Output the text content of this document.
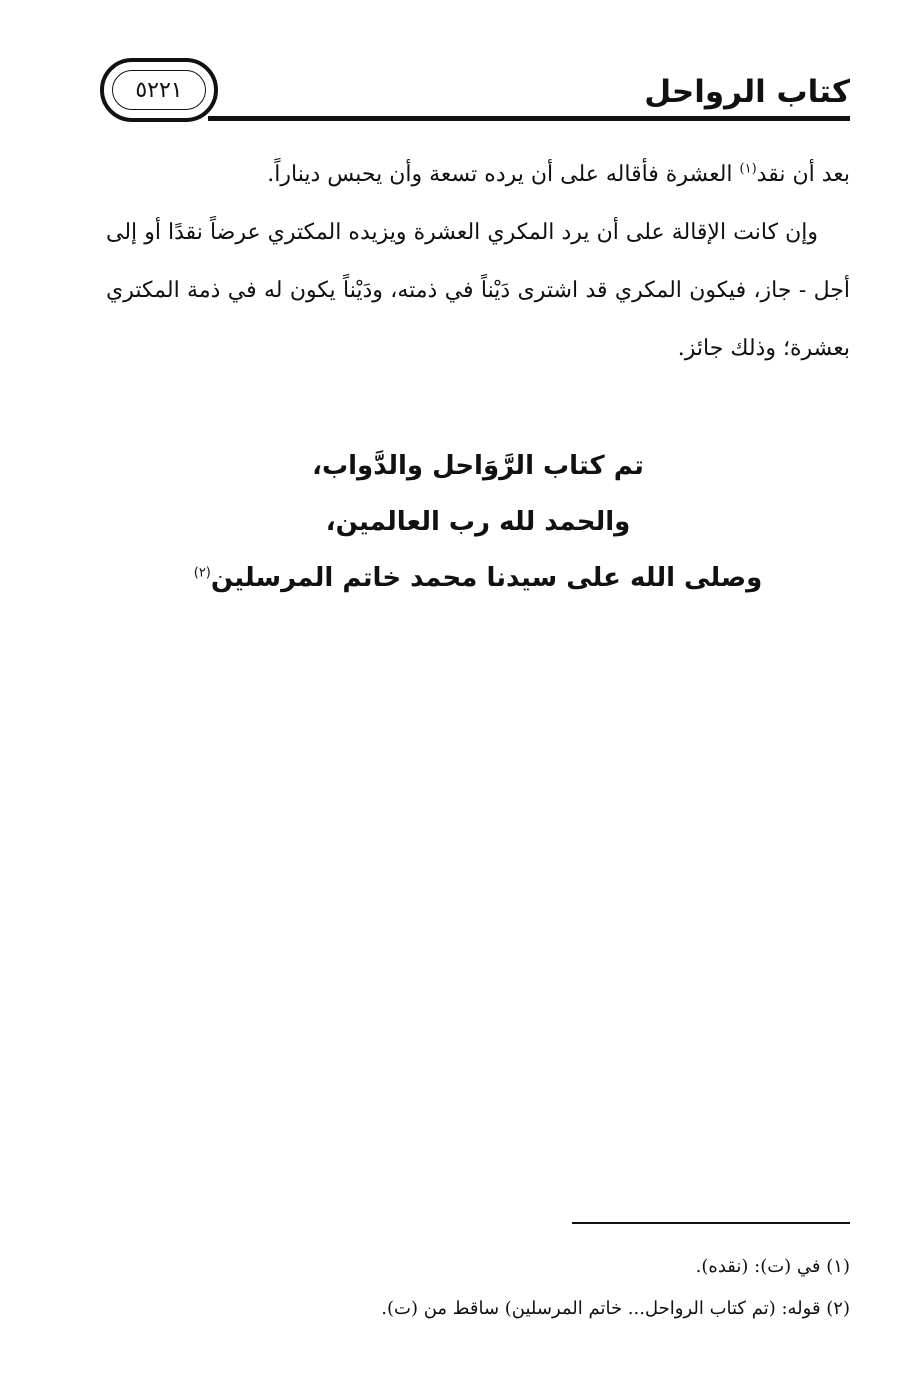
كتاب الرواحل
٥٢٢١

بعد أن نقد$^{(١)}$ العشرة فأقاله على أن يرده تسعة وأن يحبس ديناراً.

وإن كانت الإقالة على أن يرد المكري العشرة ويزيده المكتري عرضاً نقدًا أو إلى أجل - جاز، فيكون المكري قد اشترى دَيْناً في ذمته، ودَيْناً يكون له في ذمة المكتري بعشرة؛ وذلك جائز.

تم كتاب الرَّوَاحل والدَّواب،
والحمد لله رب العالمين،
وصلى الله على سيدنا محمد خاتم المرسلين$^{(٢)}$
(١) في (ت): (نقده).
(٢) قوله: (تم كتاب الرواحل... خاتم المرسلين) ساقط من (ت).
